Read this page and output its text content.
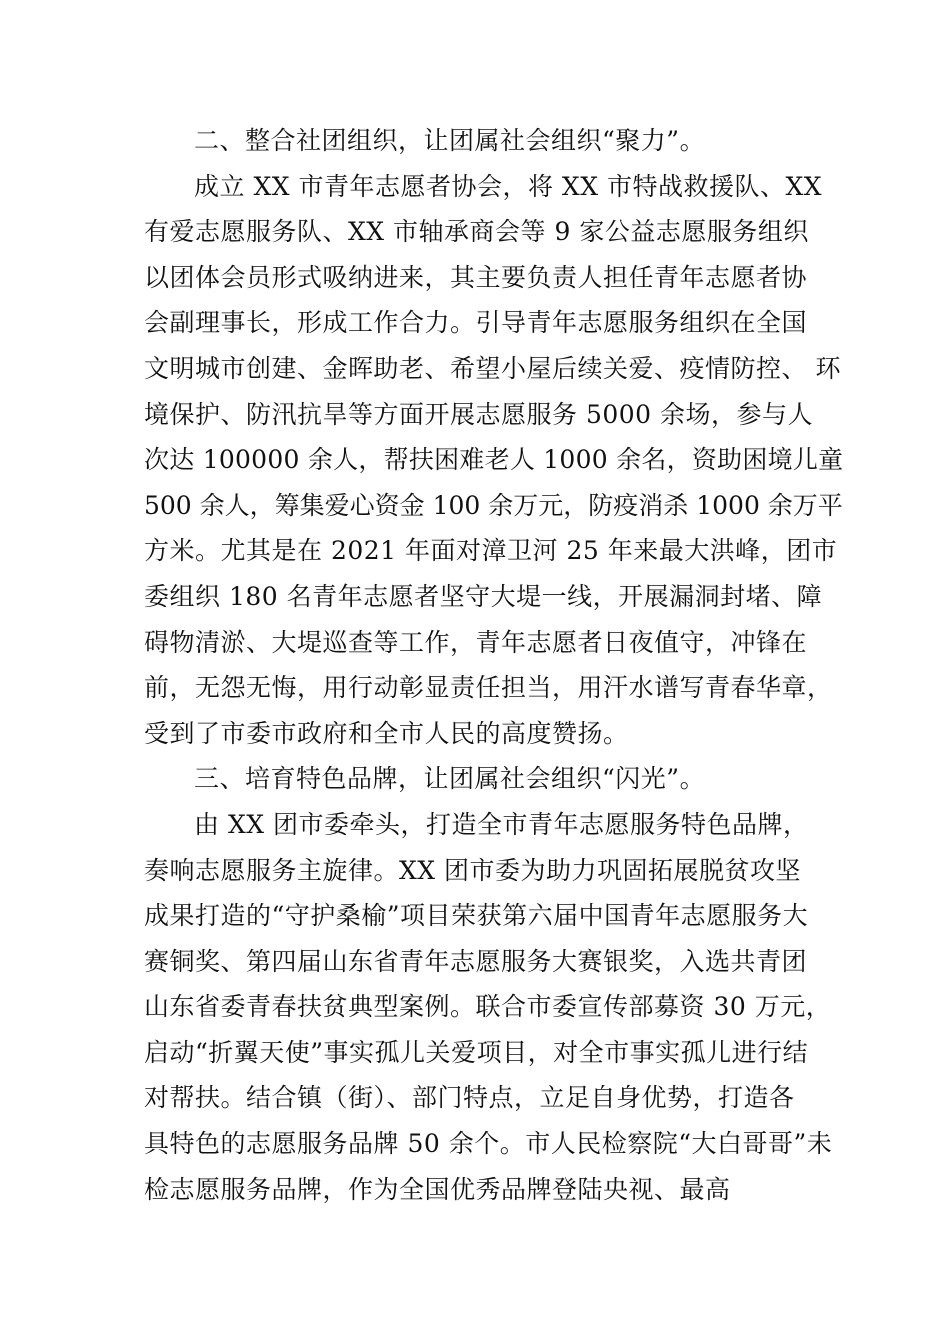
二、整合社团组织，让团属社会组织“聚力”。
成立 XX 市青年志愿者协会，将 XX 市特战救援队、XX
有爱志愿服务队、XX 市轴承商会等 9 家公益志愿服务组织
以团体会员形式吸纳进来，其主要负责人担任青年志愿者协
会副理事长，形成工作合力。引导青年志愿服务组织在全国
文明城市创建、金晖助老、希望小屋后续关爱、疫情防控、 环
境保护、防汛抗旱等方面开展志愿服务 5000 余场，参与人
次达 100000 余人，帮扶困难老人 1000 余名，资助困境儿童
500 余人，筹集爱心资金 100 余万元，防疫消杀 1000 余万平
方米。尤其是在 2021 年面对漳卫河 25 年来最大洪峰，团市
委组织 180 名青年志愿者坚守大堤一线，开展漏洞封堵、障
碍物清淤、大堤巡查等工作，青年志愿者日夜值守，冲锋在
前，无怨无悔，用行动彰显责任担当，用汗水谱写青春华章，
受到了市委市政府和全市人民的高度赞扬。
三、培育特色品牌，让团属社会组织“闪光”。
由 XX 团市委牵头，打造全市青年志愿服务特色品牌，
奏响志愿服务主旋律。XX 团市委为助力巩固拓展脱贫攻坚
成果打造的“守护桑榆”项目荣获第六届中国青年志愿服务大
赛铜奖、第四届山东省青年志愿服务大赛银奖，入选共青团
山东省委青春扶贫典型案例。联合市委宣传部募资 30 万元，
启动“折翼天使”事实孤儿关爱项目，对全市事实孤儿进行结
对帮扶。结合镇（街）、部门特点，立足自身优势，打造各
具特色的志愿服务品牌 50 余个。市人民检察院“大白哥哥”未
检志愿服务品牌，作为全国优秀品牌登陆央视、最高
